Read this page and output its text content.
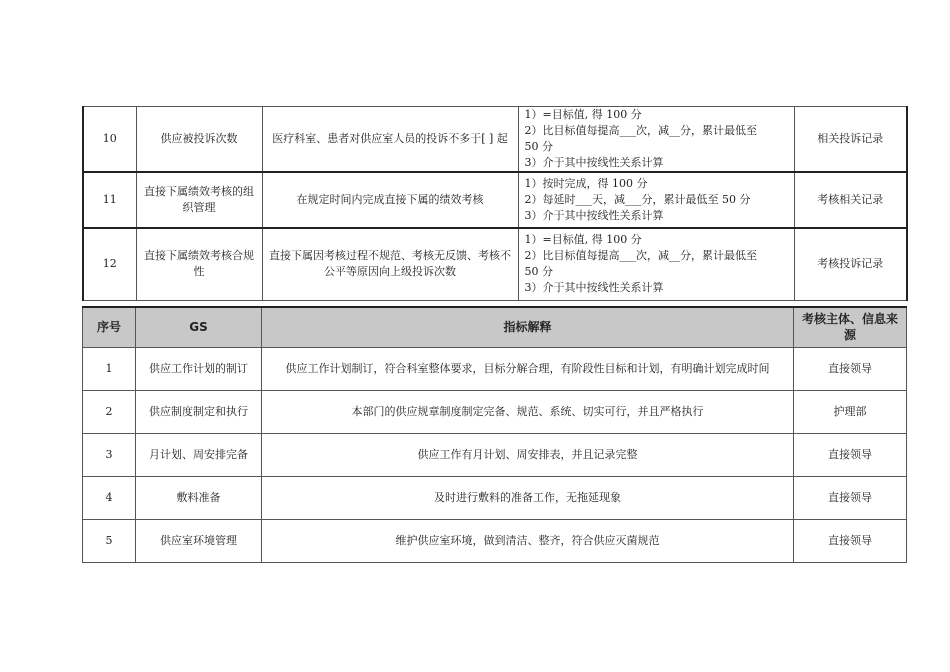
10	供应被投诉次数	医疗科室、患者对供应室人员的投诉不多于[ ] 起	1）=目标值, 得 100 分
2）比目标值每提高___次，减__分，累计最低至
50 分
3）介于其中按线性关系计算	相关投诉记录
11	直接下属绩效考核的组织管理	在规定时间内完成直接下属的绩效考核	1）按时完成，得 100 分
2）每延时___天，减___分，累计最低至 50 分
3）介于其中按线性关系计算	考核相关记录
12	直接下属绩效考核合规性	直接下属因考核过程不规范、考核无反馈、考核不公平等原因向上级投诉次数	1）=目标值, 得 100 分
2）比目标值每提高___次，减__分，累计最低至
50 分
3）介于其中按线性关系计算	考核投诉记录
序号	GS	指标解释	考核主体、信息来源
1	供应工作计划的制订	供应工作计划制订，符合科室整体要求，目标分解合理，有阶段性目标和计划，有明确计划完成时间	直接领导
2	供应制度制定和执行	本部门的供应规章制度制定完备、规范、系统、切实可行，并且严格执行	护理部
3	月计划、周安排完备	供应工作有月计划、周安排表，并且记录完整	直接领导
4	敷料准备	及时进行敷料的准备工作，无拖延现象	直接领导
5	供应室环境管理	维护供应室环境，做到清洁、整齐，符合供应灭菌规范	直接领导
